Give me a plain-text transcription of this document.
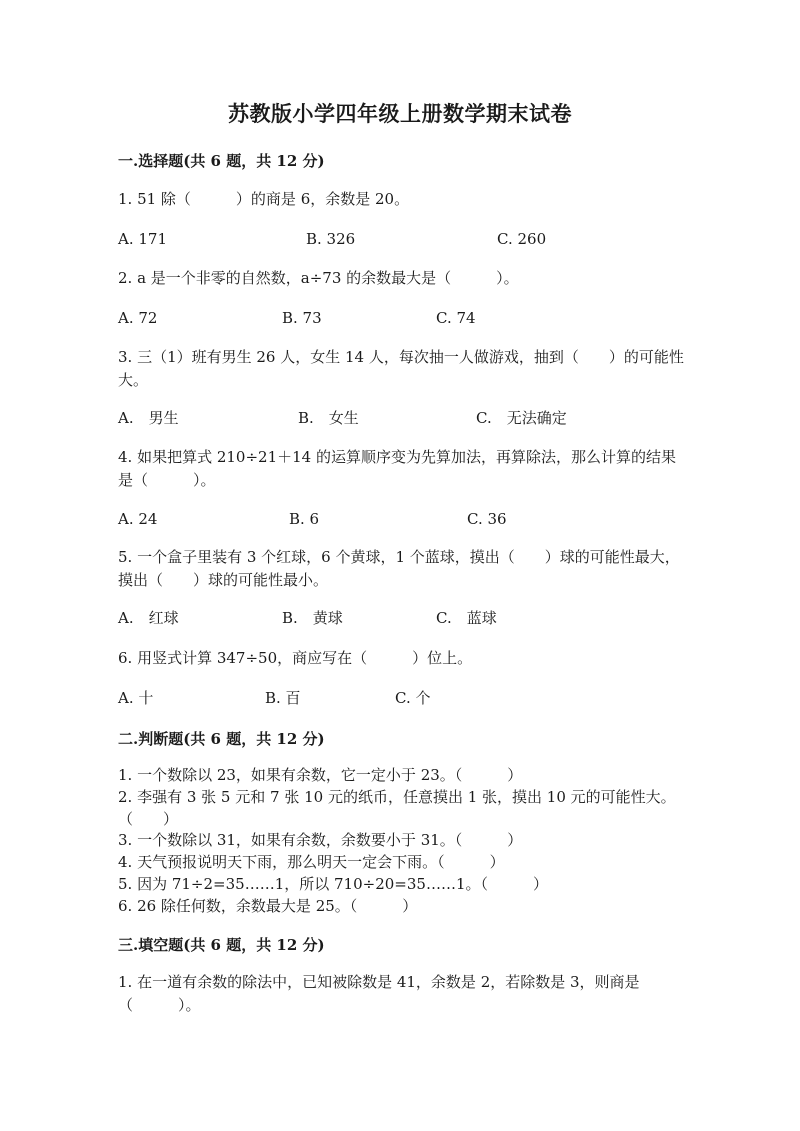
苏教版小学四年级上册数学期末试卷
一.选择题(共 6 题，共 12 分)
1. 51 除（　　　）的商是 6，余数是 20。
A. 171	B. 326	C. 260
2. a 是一个非零的自然数，a÷73 的余数最大是（　　　）。
A. 72	B. 73	C. 74
3. 三（1）班有男生 26 人，女生 14 人，每次抽一人做游戏，抽到（　　）的可能性大。
A.　男生	B.　女生	C.　无法确定
4. 如果把算式 210÷21＋14 的运算顺序变为先算加法，再算除法，那么计算的结果是（　　　）。
A. 24	B. 6	C. 36
5. 一个盒子里装有 3 个红球，6 个黄球，1 个蓝球，摸出（　　）球的可能性最大，摸出（　　）球的可能性最小。
A.　红球	B.　黄球	C.　蓝球
6. 用竖式计算 347÷50，商应写在（　　　）位上。
A. 十	B. 百	C. 个
二.判断题(共 6 题，共 12 分)
1. 一个数除以 23，如果有余数，它一定小于 23。（　　　）
2. 李强有 3 张 5 元和 7 张 10 元的纸币，任意摸出 1 张，摸出 10 元的可能性大。　　（　　）
3. 一个数除以 31，如果有余数，余数要小于 31。（　　　）
4. 天气预报说明天下雨，那么明天一定会下雨。（　　　）
5. 因为 71÷2=35……1，所以 710÷20=35……1。（　　　）
6. 26 除任何数，余数最大是 25。（　　　）
三.填空题(共 6 题，共 12 分)
1. 在一道有余数的除法中，已知被除数是 41，余数是 2，若除数是 3，则商是（　　　）。
